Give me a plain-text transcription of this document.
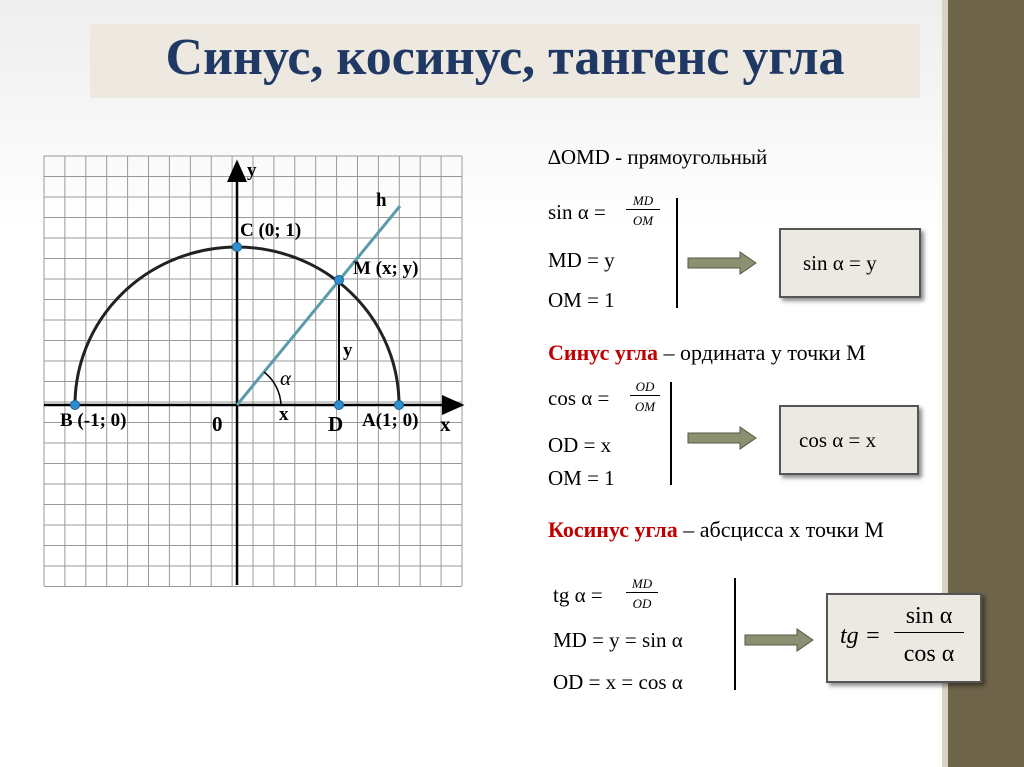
Синус, косинус, тангенс угла
y
h
C (0; 1)
M (x; y)
y
α
x
B (-1; 0)	0	D A(1; 0) x
∆OMD - прямоугольный
sin α =	MD
OM
MD = y
OM = 1
sin α = y
Синус угла – ордината y точки М
cos α =	OD
OM
OD = x
OM = 1
cos α = x
Косинус угла – абсцисса x точки М
tg α =	MD
OD
MD = y = sin α
OD = x = cos α
tg =
sin α
cos α
